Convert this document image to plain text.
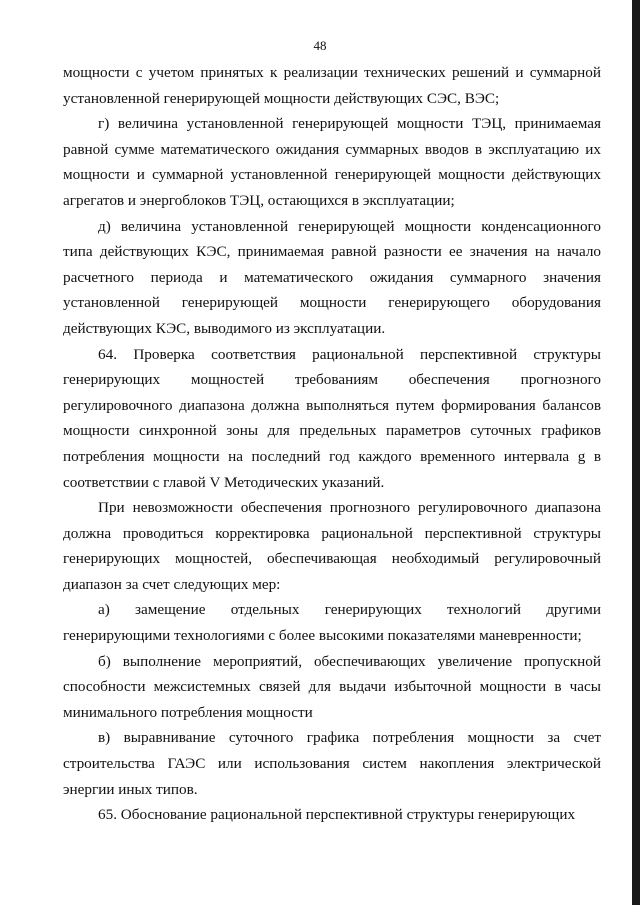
48

мощности с учетом принятых к реализации технических решений и суммарной установленной генерирующей мощности действующих СЭС, ВЭС;

г) величина установленной генерирующей мощности ТЭЦ, принимаемая равной сумме математического ожидания суммарных вводов в эксплуатацию их мощности и суммарной установленной генерирующей мощности действующих агрегатов и энергоблоков ТЭЦ, остающихся в эксплуатации;

д) величина установленной генерирующей мощности конденсационного типа действующих КЭС, принимаемая равной разности ее значения на начало расчетного периода и математического ожидания суммарного значения установленной генерирующей мощности генерирующего оборудования действующих КЭС, выводимого из эксплуатации.

64. Проверка соответствия рациональной перспективной структуры генерирующих мощностей требованиям обеспечения прогнозного регулировочного диапазона должна выполняться путем формирования балансов мощности синхронной зоны для предельных параметров суточных графиков потребления мощности на последний год каждого временного интервала g в соответствии с главой V Методических указаний.

При невозможности обеспечения прогнозного регулировочного диапазона должна проводиться корректировка рациональной перспективной структуры генерирующих мощностей, обеспечивающая необходимый регулировочный диапазон за счет следующих мер:

а) замещение отдельных генерирующих технологий другими генерирующими технологиями с более высокими показателями маневренности;

б) выполнение мероприятий, обеспечивающих увеличение пропускной способности межсистемных связей для выдачи избыточной мощности в часы минимального потребления мощности

в) выравнивание суточного графика потребления мощности за счет строительства ГАЭС или использования систем накопления электрической энергии иных типов.

65. Обоснование рациональной перспективной структуры генерирующих
